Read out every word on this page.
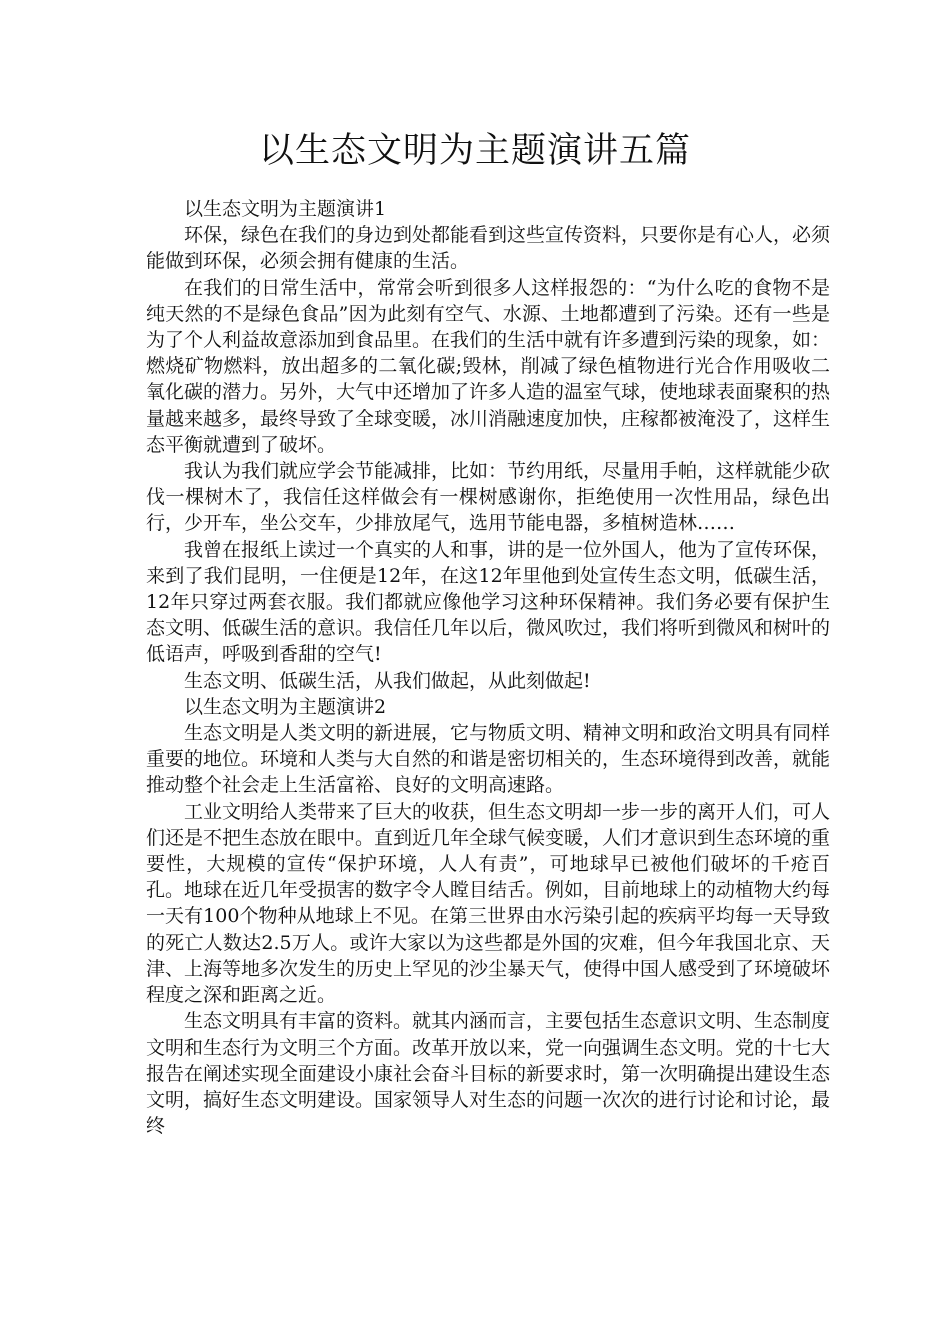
以生态文明为主题演讲五篇

以生态文明为主题演讲1

环保，绿色在我们的身边到处都能看到这些宣传资料，只要你是有心人，必须能做到环保，必须会拥有健康的生活。

在我们的日常生活中，常常会听到很多人这样报怨的：“为什么吃的食物不是纯天然的不是绿色食品”因为此刻有空气、水源、土地都遭到了污染。还有一些是为了个人利益故意添加到食品里。在我们的生活中就有许多遭到污染的现象，如：燃烧矿物燃料，放出超多的二氧化碳;毁林，削减了绿色植物进行光合作用吸收二氧化碳的潜力。另外，大气中还增加了许多人造的温室气球，使地球表面聚积的热量越来越多，最终导致了全球变暖，冰川消融速度加快，庄稼都被淹没了，这样生态平衡就遭到了破坏。

我认为我们就应学会节能减排，比如：节约用纸，尽量用手帕，这样就能少砍伐一棵树木了，我信任这样做会有一棵树感谢你，拒绝使用一次性用品，绿色出行，少开车，坐公交车，少排放尾气，选用节能电器，多植树造林……

我曾在报纸上读过一个真实的人和事，讲的是一位外国人，他为了宣传环保，来到了我们昆明，一住便是12年，在这12年里他到处宣传生态文明，低碳生活，12年只穿过两套衣服。我们都就应像他学习这种环保精神。我们务必要有保护生态文明、低碳生活的意识。我信任几年以后，微风吹过，我们将听到微风和树叶的低语声，呼吸到香甜的空气!

生态文明、低碳生活，从我们做起，从此刻做起!

以生态文明为主题演讲2

生态文明是人类文明的新进展，它与物质文明、精神文明和政治文明具有同样重要的地位。环境和人类与大自然的和谐是密切相关的，生态环境得到改善，就能推动整个社会走上生活富裕、良好的文明高速路。

工业文明给人类带来了巨大的收获，但生态文明却一步一步的离开人们，可人们还是不把生态放在眼中。直到近几年全球气候变暖，人们才意识到生态环境的重要性，大规模的宣传“保护环境，人人有责”，可地球早已被他们破坏的千疮百孔。地球在近几年受损害的数字令人瞠目结舌。例如，目前地球上的动植物大约每一天有100个物种从地球上不见。在第三世界由水污染引起的疾病平均每一天导致的死亡人数达2.5万人。或许大家以为这些都是外国的灾难，但今年我国北京、天津、上海等地多次发生的历史上罕见的沙尘暴天气，使得中国人感受到了环境破坏程度之深和距离之近。

生态文明具有丰富的资料。就其内涵而言，主要包括生态意识文明、生态制度文明和生态行为文明三个方面。改革开放以来，党一向强调生态文明。党的十七大报告在阐述实现全面建设小康社会奋斗目标的新要求时，第一次明确提出建设生态文明，搞好生态文明建设。国家领导人对生态的问题一次次的进行讨论和讨论，最终
